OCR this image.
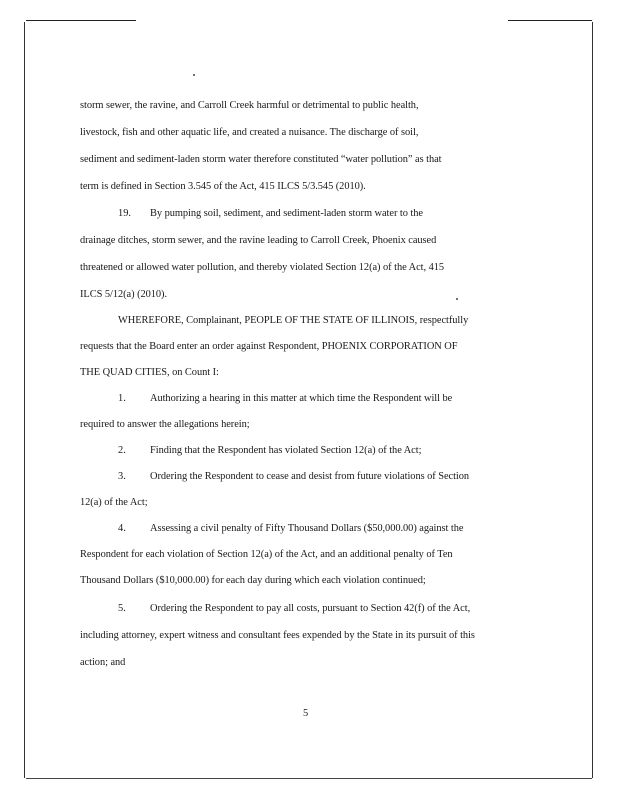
storm sewer, the ravine, and Carroll Creek harmful or detrimental to public health,
livestock, fish and other aquatic life, and created a nuisance. The discharge of soil,
sediment and sediment-laden storm water therefore constituted “water pollution” as that
term is defined in Section 3.545 of the Act, 415 ILCS 5/3.545 (2010).
19. By pumping soil, sediment, and sediment-laden storm water to the
drainage ditches, storm sewer, and the ravine leading to Carroll Creek, Phoenix caused
threatened or allowed water pollution, and thereby violated Section 12(a) of the Act, 415
ILCS 5/12(a) (2010).
WHEREFORE, Complainant, PEOPLE OF THE STATE OF ILLINOIS, respectfully
requests that the Board enter an order against Respondent, PHOENIX CORPORATION OF
THE QUAD CITIES, on Count I:
1. Authorizing a hearing in this matter at which time the Respondent will be
required to answer the allegations herein;
2. Finding that the Respondent has violated Section 12(a) of the Act;
3. Ordering the Respondent to cease and desist from future violations of Section
12(a) of the Act;
4. Assessing a civil penalty of Fifty Thousand Dollars ($50,000.00) against the
Respondent for each violation of Section 12(a) of the Act, and an additional penalty of Ten
Thousand Dollars ($10,000.00) for each day during which each violation continued;
5. Ordering the Respondent to pay all costs, pursuant to Section 42(f) of the Act,
including attorney, expert witness and consultant fees expended by the State in its pursuit of this
action; and
5
